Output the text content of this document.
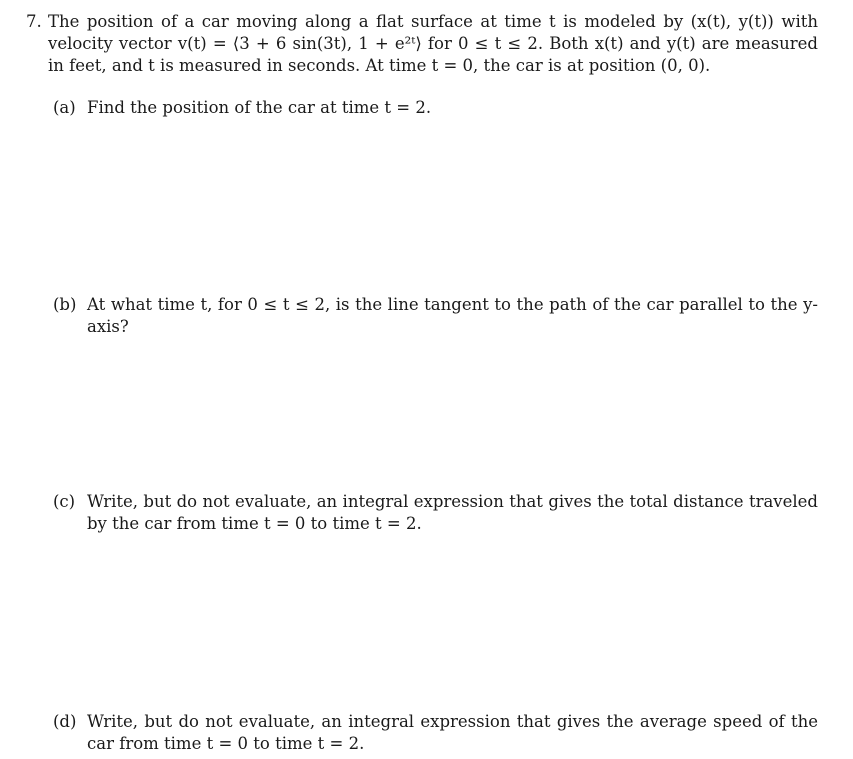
7. The position of a car moving along a flat surface at time t is modeled by (x(t), y(t)) with velocity vector v(t) = ⟨3 + 6 sin(3t), 1 + e²ᵗ⟩ for 0 ≤ t ≤ 2. Both x(t) and y(t) are measured in feet, and t is measured in seconds. At time t = 0, the car is at position (0, 0).
(a) Find the position of the car at time t = 2.
(b) At what time t, for 0 ≤ t ≤ 2, is the line tangent to the path of the car parallel to the y-axis?
(c) Write, but do not evaluate, an integral expression that gives the total distance traveled by the car from time t = 0 to time t = 2.
(d) Write, but do not evaluate, an integral expression that gives the average speed of the car from time t = 0 to time t = 2.
